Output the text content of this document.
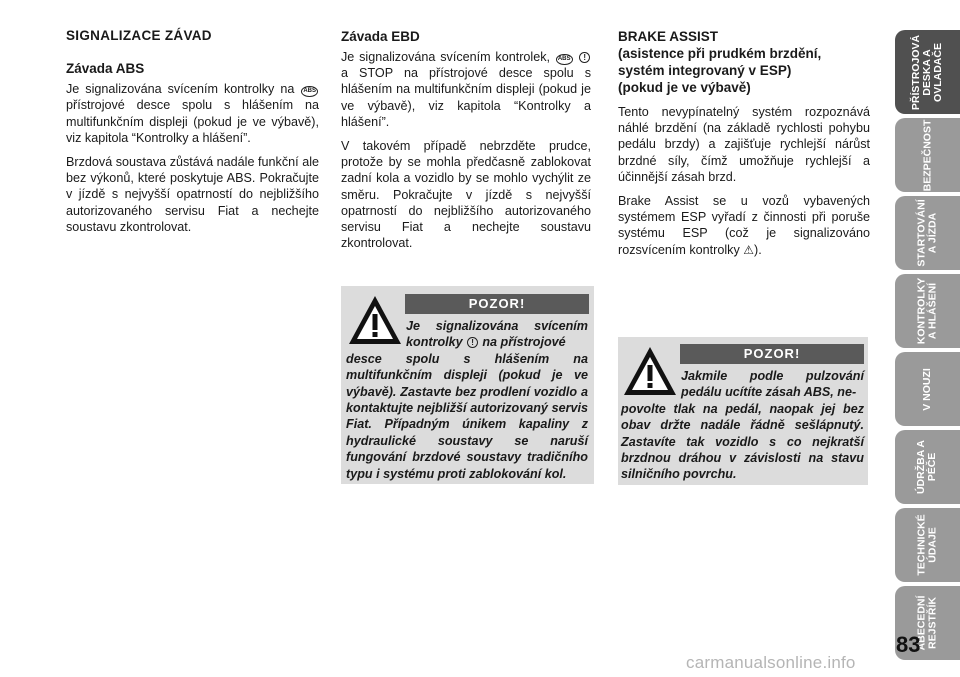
SIGNALIZACE ZÁVAD
Závada ABS

Je signalizována svícením kontrolky na ABS přístrojové desce spolu s hlášením na multifunkčním displeji (pokud je ve výbavě), viz kapitola “Kontrolky a hlášení”.

Brzdová soustava zůstává nadále funkční ale bez výkonů, které poskytuje ABS. Pokračujte v jízdě s nejvyšší opatrností do nejbližšího autorizovaného servisu Fiat a nechejte soustavu zkontrolovat.

Závada EBD

Je signalizována svícením kontrolek, ABS ! a STOP na přístrojové desce spolu s hlášením na multifunkčním displeji (pokud je ve výbavě), viz kapitola “Kontrolky a hlášení”.

V takovém případě nebrzděte prudce, protože by se mohla předčasně zablokovat zadní kola a vozidlo by se mohlo vychýlit ze směru. Pokračujte v jízdě s nejvyšší opatrností do nejbližšího autorizovaného servisu Fiat a nechejte soustavu zkontrolovat.

POZOR!
Je signalizována svícením kontrolky ! na přístrojové
desce spolu s hlášením na multifunkčním displeji (pokud je ve výbavě). Zastavte bez prodlení vozidlo a kontaktujte nejbližší autorizovaný servis Fiat. Případným únikem kapaliny z hydraulické soustavy se naruší fungování brzdové soustavy tradičního typu i systému proti zablokování kol.
BRAKE ASSIST
(asistence při prudkém brzdění,
systém integrovaný v ESP)
(pokud je ve výbavě)

Tento nevypínatelný systém rozpoznává náhlé brzdění (na základě rychlosti pohybu pedálu brzdy) a zajišťuje rychlejší nárůst brzdné síly, čímž umožňuje rychlejší a účinnější zásah brzd.

Brake Assist se u vozů vybavených systémem ESP vyřadí z činnosti při poruše systému ESP (což je signalizováno rozsvícením kontrolky ⚠).

POZOR!
Jakmile podle pulzování pedálu ucítíte zásah ABS, ne-
povolte tlak na pedál, naopak jej bez obav držte nadále řádně sešlápnutý. Zastavíte tak vozidlo s co nejkratší brzdnou dráhou v závislosti na stavu silničního povrchu.
PŘÍSTROJOVÁ
DESKA A
OVLADAČE
BEZPEČNOST
STARTOVÁNÍ
A JÍZDA
KONTROLKY
A HLÁŠENÍ
V NOUZI
ÚDRŽBA A
PÉČE
TECHNICKÉ
ÚDAJE
ABECEDNÍ
REJSTŘÍK
83
carmanualsonline.info
